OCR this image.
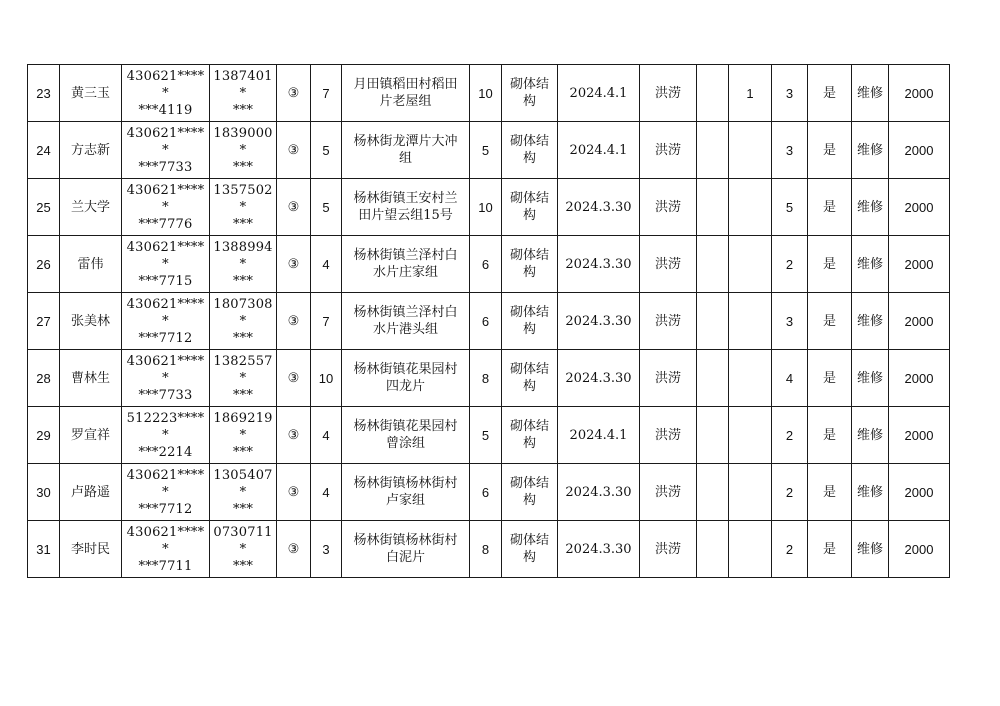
23	黄三玉	430621*****
***4119	1387401*
***	③	7	月田镇稻田村稻田
片老屋组	10	砌体结
构	2024.4.1	洪涝		1	3	是	维修	2000
24	方志新	430621*****
***7733	1839000*
***	③	5	杨林街龙潭片大冲
组	5	砌体结
构	2024.4.1	洪涝			3	是	维修	2000
25	兰大学	430621*****
***7776	1357502*
***	③	5	杨林街镇王安村兰
田片望云组15号	10	砌体结
构	2024.3.30	洪涝			5	是	维修	2000
26	雷伟	430621*****
***7715	1388994*
***	③	4	杨林街镇兰泽村白
水片庄家组	6	砌体结
构	2024.3.30	洪涝			2	是	维修	2000
27	张美林	430621*****
***7712	1807308*
***	③	7	杨林街镇兰泽村白
水片港头组	6	砌体结
构	2024.3.30	洪涝			3	是	维修	2000
28	曹林生	430621*****
***7733	1382557*
***	③	10	杨林街镇花果园村
四龙片	8	砌体结
构	2024.3.30	洪涝			4	是	维修	2000
29	罗宣祥	512223*****
***2214	1869219*
***	③	4	杨林街镇花果园村
曾涂组	5	砌体结
构	2024.4.1	洪涝			2	是	维修	2000
30	卢路遥	430621*****
***7712	1305407*
***	③	4	杨林街镇杨林街村
卢家组	6	砌体结
构	2024.3.30	洪涝			2	是	维修	2000
31	李时民	430621*****
***7711	0730711*
***	③	3	杨林街镇杨林街村
白泥片	8	砌体结
构	2024.3.30	洪涝			2	是	维修	2000
